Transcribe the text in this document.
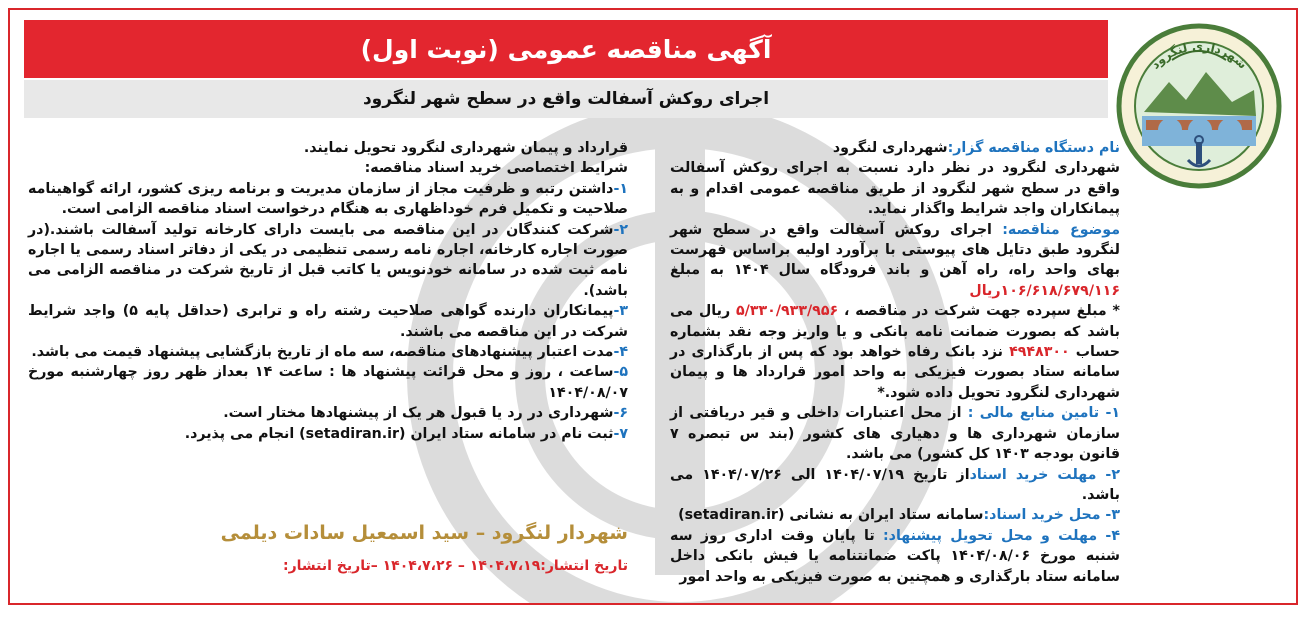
آگهی مناقصه عمومی (نوبت اول)
اجرای روکش آسفالت واقع در سطح شهر لنگرود
شهرداری لنگرود

نام دستگاه مناقصه گزار:شهرداری لنگرود

شهرداری لنگرود در نظر دارد نسبت به اجرای روکش آسفالت واقع در سطح شهر لنگرود از طریق مناقصه عمومی اقدام و به پیمانکاران واجد شرایط واگذار نماید.

موضوع مناقصه: اجرای روکش آسفالت واقع در سطح شهر لنگرود طبق دتایل های پیوستی با برآورد اولیه براساس فهرست بهای واحد راه، راه آهن و باند فرودگاه سال ۱۴۰۴ به مبلغ ۱۰۶/۶۱۸/۶۷۹/۱۱۶ریال

* مبلغ سپرده جهت شرکت در مناقصه ، ۵/۳۳۰/۹۳۳/۹۵۶ ریال می باشد که بصورت ضمانت نامه بانکی و یا واریز وجه نقد بشماره حساب ۴۹۴۸۳۰۰ نزد بانک رفاه خواهد بود که پس از بارگذاری در سامانه ستاد بصورت فیزیکی به واحد امور قرارداد ها و پیمان شهرداری لنگرود تحویل داده شود.*

۱- تامین منابع مالی : از محل اعتبارات داخلی و قیر دریافتی از سازمان شهرداری ها و دهیاری های کشور (بند س تبصره ۷ قانون بودجه ۱۴۰۳ کل کشور) می باشد.

۲- مهلت خرید اسناداز تاریخ ۱۴۰۴/۰۷/۱۹ الی ۱۴۰۴/۰۷/۲۶ می باشد.

۳- محل خرید اسناد:سامانه ستاد ایران به نشانی (setadiran.ir)

۴- مهلت و محل تحویل پیشنهاد: تا پایان وقت اداری روز سه شنبه مورخ ۱۴۰۴/۰۸/۰۶ پاکت ضمانتنامه یا فیش بانکی داخل سامانه ستاد بارگذاری و همچنین به صورت فیزیکی به واحد امور

قرارداد و پیمان شهرداری لنگرود تحویل نمایند.

شرایط اختصاصی خرید اسناد مناقصه:

۱-داشتن رتبه و ظرفیت مجاز از سازمان مدیریت و برنامه ریزی کشور، ارائه گواهینامه صلاحیت و تکمیل فرم خوداظهاری به هنگام درخواست اسناد مناقصه الزامی است.

۲-شرکت کنندگان در این مناقصه می بایست دارای کارخانه تولید آسفالت باشند.(در صورت اجاره کارخانه، اجاره نامه رسمی تنظیمی در یکی از دفاتر اسناد رسمی یا اجاره نامه ثبت شده در سامانه خودنویس یا کاتب قبل از تاریخ شرکت در مناقصه الزامی می باشد).

۳-پیمانکاران دارنده گواهی صلاحیت رشته راه و ترابری (حداقل پایه ۵) واجد شرایط شرکت در این مناقصه می باشند.

۴-مدت اعتبار پیشنهادهای مناقصه، سه ماه از تاریخ بازگشایی پیشنهاد قیمت می باشد.

۵-ساعت ، روز و محل قرائت پیشنهاد ها : ساعت ۱۴ بعداز ظهر روز چهارشنبه مورخ ۱۴۰۴/۰۸/۰۷

۶-شهرداری در رد یا قبول هر یک از پیشنهادها مختار است.

۷-ثبت نام در سامانه ستاد ایران (setadiran.ir) انجام می پذیرد.

شهردار لنگرود – سید اسمعیل سادات دیلمی
تاریخ انتشار:۱۴۰۴،۷،۱۹ – ۱۴۰۴،۷،۲۶ –تاریخ انتشار:
